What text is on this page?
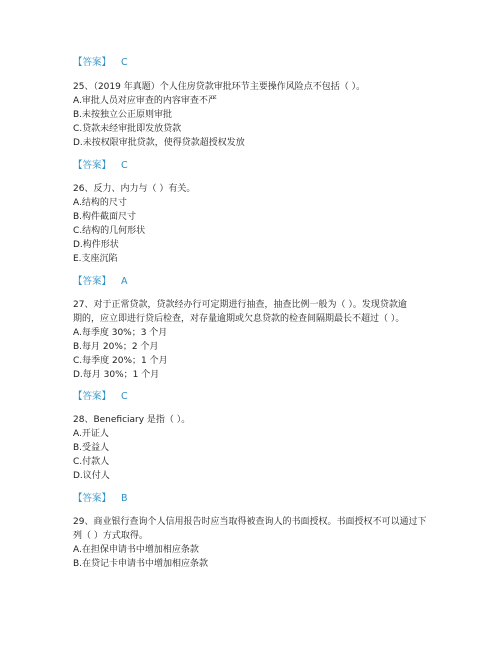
【答案】 C
25、（2019 年真题）个人住房贷款审批环节主要操作风险点不包括（ ）。
A.审批人员对应审查的内容审查不严
B.未按独立公正原则审批
C.贷款未经审批即发放贷款
D.未按权限审批贷款，使得贷款超授权发放
【答案】 C
26、反力、内力与（ ）有关。
A.结构的尺寸
B.构件截面尺寸
C.结构的几何形状
D.构件形状
E.支座沉陷
【答案】 A
27、对于正常贷款，贷款经办行可定期进行抽查，抽查比例一般为（ ）。发现贷款逾
期的，应立即进行贷后检查，对存量逾期或欠息贷款的检查间隔期最长不超过（ ）。
A.每季度 30%；3 个月
B.每月 20%；2 个月
C.每季度 20%；1 个月
D.每月 30%；1 个月
【答案】 C
28、Beneficiary 是指（ ）。
A.开证人
B.受益人
C.付款人
D.议付人
【答案】 B
29、商业银行查询个人信用报告时应当取得被查询人的书面授权。书面授权不可以通过下
列（ ）方式取得。
A.在担保申请书中增加相应条款
B.在贷记卡申请书中增加相应条款
